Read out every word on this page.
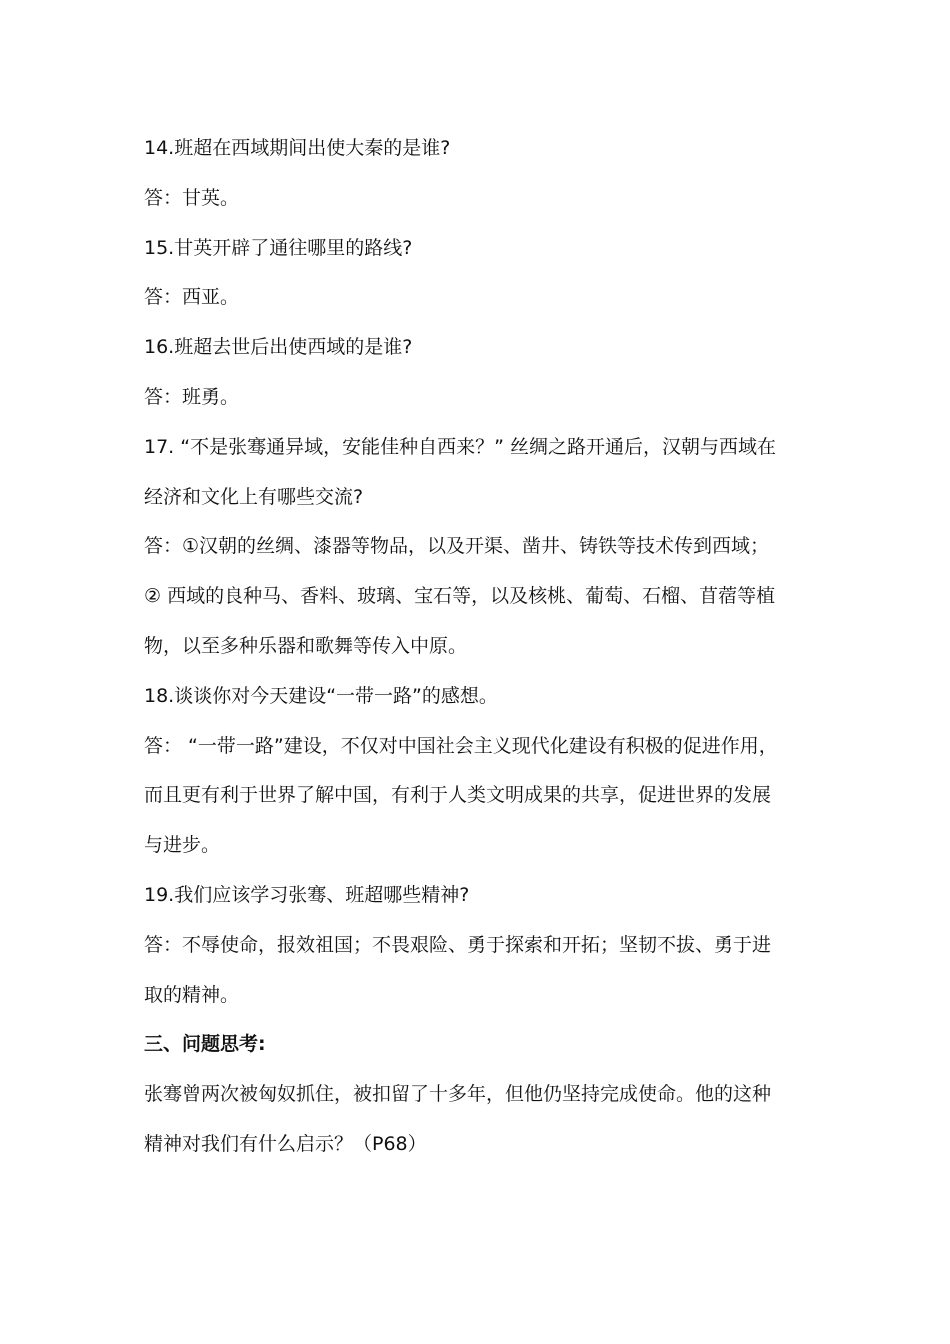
14.班超在西域期间出使大秦的是谁?
答：甘英。
15.甘英开辟了通往哪里的路线?
答：西亚。
16.班超去世后出使西域的是谁?
答：班勇。
17. “不是张骞通异域，安能佳种自西来？” 丝绸之路开通后，汉朝与西域在
经济和文化上有哪些交流?
答：①汉朝的丝绸、漆器等物品，以及开渠、凿井、铸铁等技术传到西域；
② 西域的良种马、香料、玻璃、宝石等，以及核桃、葡萄、石榴、苜蓿等植
物，以至多种乐器和歌舞等传入中原。
18.谈谈你对今天建设“一带一路”的感想。
答： “一带一路”建设，不仅对中国社会主义现代化建设有积极的促进作用，
而且更有利于世界了解中国，有利于人类文明成果的共享，促进世界的发展
与进步。
19.我们应该学习张骞、班超哪些精神?
答：不辱使命，报效祖国；不畏艰险、勇于探索和开拓；坚韧不拔、勇于进
取的精神。
三、问题思考:
张骞曾两次被匈奴抓住，被扣留了十多年，但他仍坚持完成使命。他的这种
精神对我们有什么启示？（P68）
